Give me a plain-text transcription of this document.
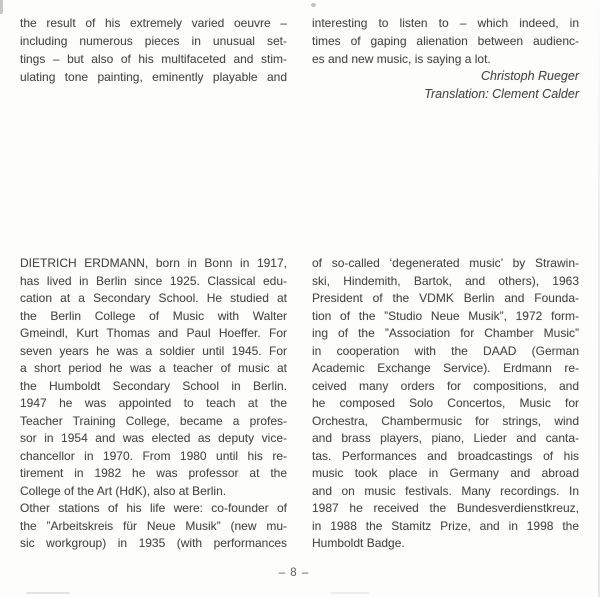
the result of his extremely varied oeuvre –
including numerous pieces in unusual set-
tings – but also of his multifaceted and stim-
ulating tone painting, eminently playable and
interesting to listen to – which indeed, in
times of gaping alienation between audienc-
es and new music, is saying a lot.
Christoph Rueger
Translation: Clement Calder
DIETRICH ERDMANN, born in Bonn in 1917,
has lived in Berlin since 1925. Classical edu-
cation at a Secondary School. He studied at
the Berlin College of Music with Walter
Gmeindl, Kurt Thomas and Paul Hoeffer. For
seven years he was a soldier until 1945. For
a short period he was a teacher of music at
the Humboldt Secondary School in Berlin.
1947 he was appointed to teach at the
Teacher Training College, became a profes-
sor in 1954 and was elected as deputy vice-
chancellor in 1970. From 1980 until his re-
tirement in 1982 he was professor at the
College of the Art (HdK), also at Berlin.
Other stations of his life were: co-founder of
the ”Arbeitskreis für Neue Musik” (new mu-
sic workgroup) in 1935 (with performances
of so-called ‘degenerated music’ by Strawin-
ski, Hindemith, Bartok, and others), 1963
President of the VDMK Berlin and Founda-
tion of the ”Studio Neue Musik”, 1972 form-
ing of the ”Association for Chamber Music”
in cooperation with the DAAD (German
Academic Exchange Service). Erdmann re-
ceived many orders for compositions, and
he composed Solo Concertos, Music for
Orchestra, Chambermusic for strings, wind
and brass players, piano, Lieder and canta-
tas. Performances and broadcastings of his
music took place in Germany and abroad
and on music festivals. Many recordings. In
1987 he received the Bundesverdienstkreuz,
in 1988 the Stamitz Prize, and in 1998 the
Humboldt Badge.
– 8 –
